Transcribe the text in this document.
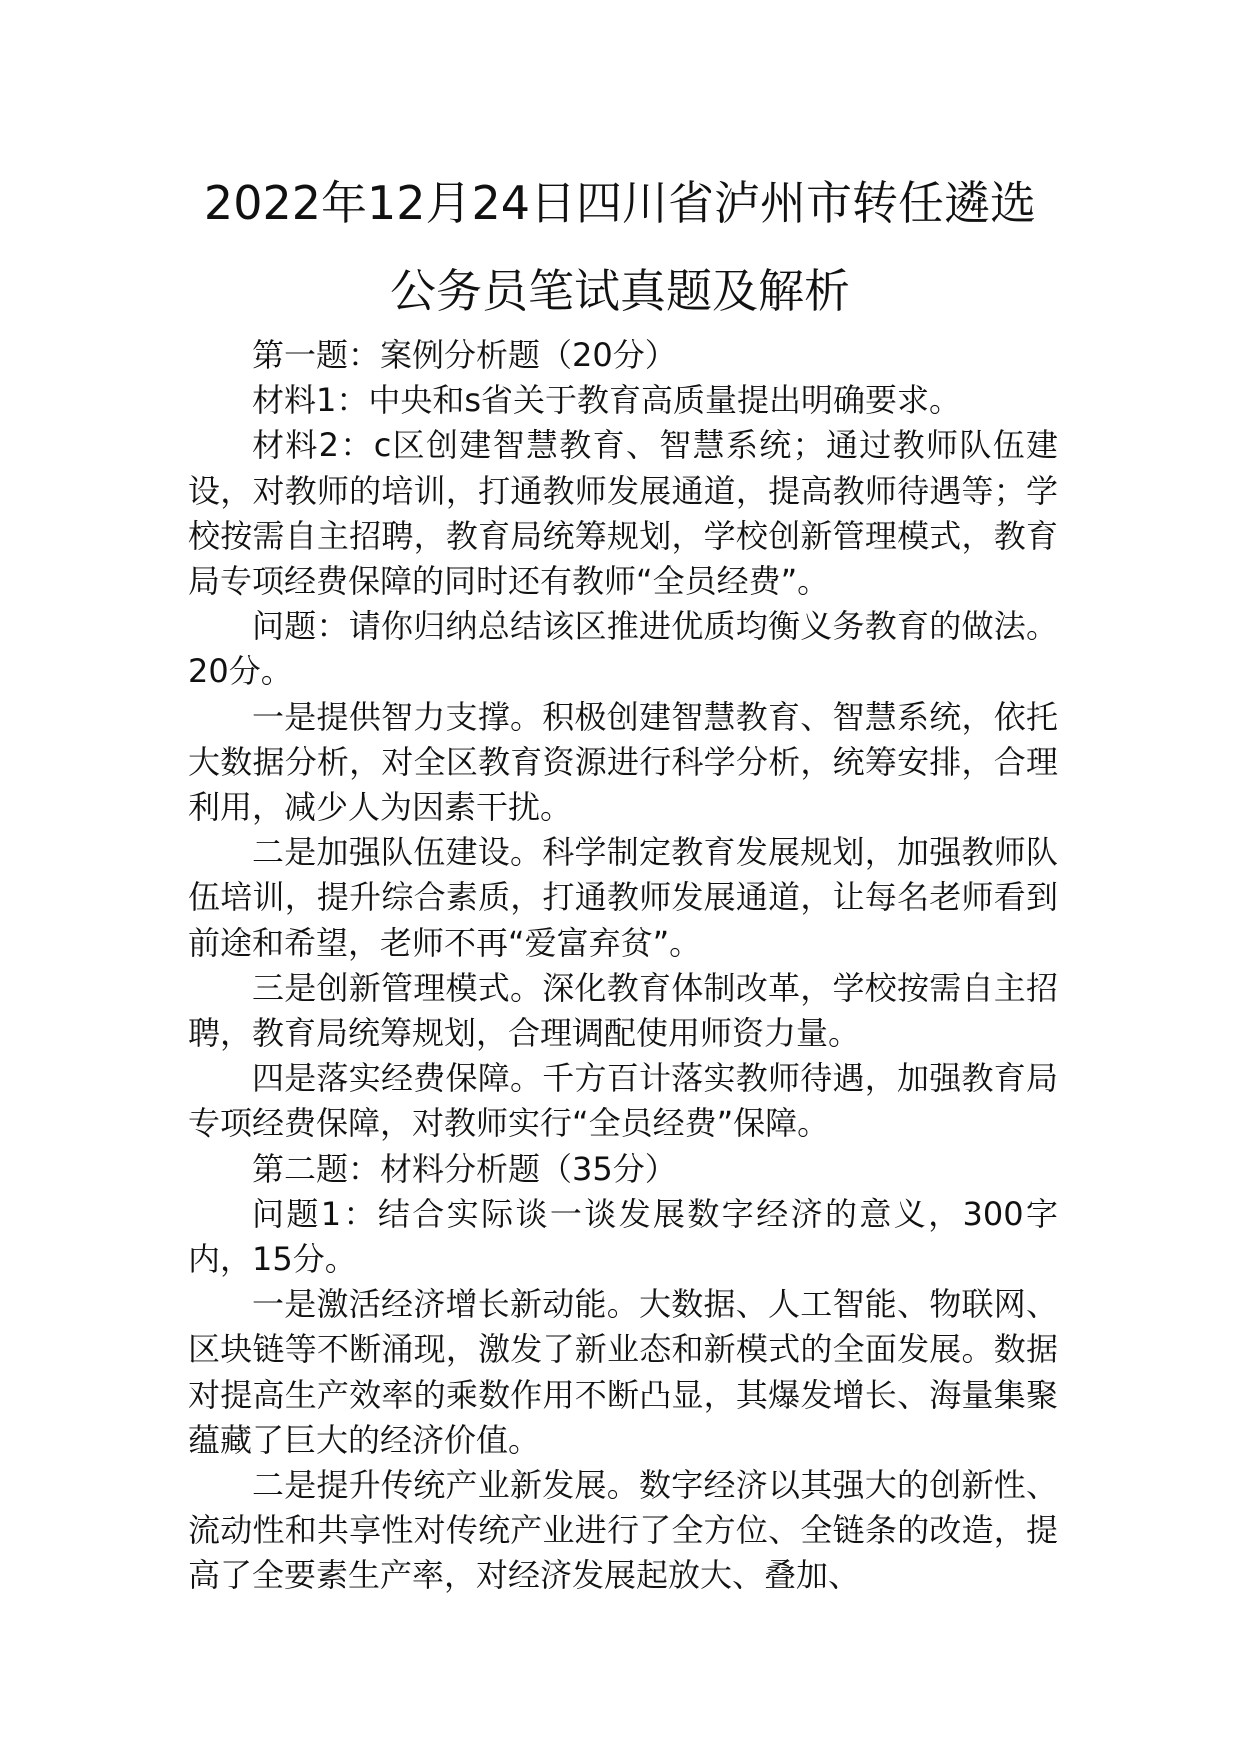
2022年12月24日四川省泸州市转任遴选
公务员笔试真题及解析

第一题：案例分析题（20分）

材料1：中央和s省关于教育高质量提出明确要求。

材料2：c区创建智慧教育、智慧系统；通过教师队伍建设，对教师的培训，打通教师发展通道，提高教师待遇等；学校按需自主招聘，教育局统筹规划，学校创新管理模式，教育局专项经费保障的同时还有教师“全员经费”。

问题：请你归纳总结该区推进优质均衡义务教育的做法。20分。

一是提供智力支撑。积极创建智慧教育、智慧系统，依托大数据分析，对全区教育资源进行科学分析，统筹安排，合理利用，减少人为因素干扰。

二是加强队伍建设。科学制定教育发展规划，加强教师队伍培训，提升综合素质，打通教师发展通道，让每名老师看到前途和希望，老师不再“爱富弃贫”。

三是创新管理模式。深化教育体制改革，学校按需自主招聘，教育局统筹规划，合理调配使用师资力量。

四是落实经费保障。千方百计落实教师待遇，加强教育局专项经费保障，对教师实行“全员经费”保障。

第二题：材料分析题（35分）

问题1：结合实际谈一谈发展数字经济的意义，300字内，15分。

一是激活经济增长新动能。大数据、人工智能、物联网、区块链等不断涌现，激发了新业态和新模式的全面发展。数据对提高生产效率的乘数作用不断凸显，其爆发增长、海量集聚蕴藏了巨大的经济价值。

二是提升传统产业新发展。数字经济以其强大的创新性、流动性和共享性对传统产业进行了全方位、全链条的改造，提高了全要素生产率，对经济发展起放大、叠加、
